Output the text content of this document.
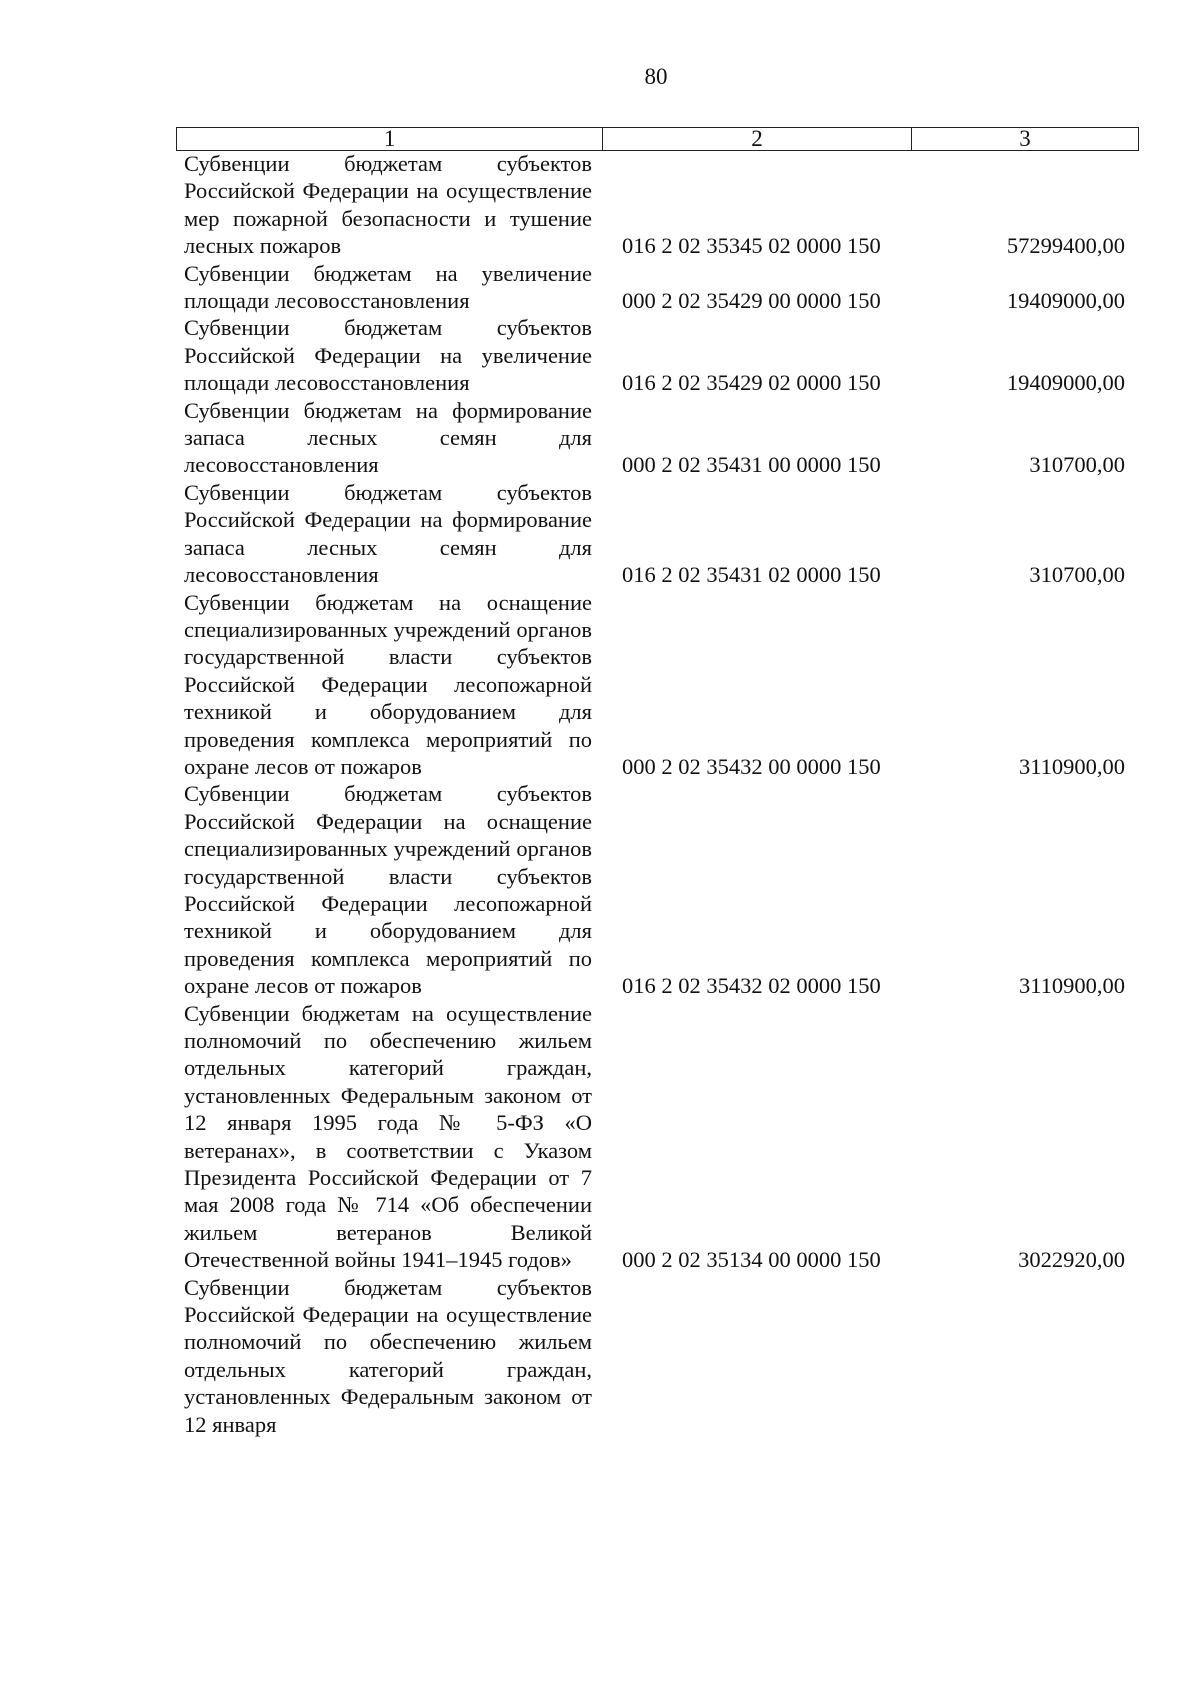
80
1	2	3
Субвенции бюджетам субъектов Российской Федерации на осуществление мер пожарной безопасности и тушение лесных пожаров	016 2 02 35345 02 0000 150	57299400,00
Субвенции бюджетам на увеличение площади лесовосстановления	000 2 02 35429 00 0000 150	19409000,00
Субвенции бюджетам субъектов Российской Федерации на увеличение площади лесовосстановления	016 2 02 35429 02 0000 150	19409000,00
Субвенции бюджетам на формирование запаса лесных семян для лесовосстановления	000 2 02 35431 00 0000 150	310700,00
Субвенции бюджетам субъектов Российской Федерации на формирование запаса лесных семян для лесовосстановления	016 2 02 35431 02 0000 150	310700,00
Субвенции бюджетам на оснащение специализированных учреждений органов государственной власти субъектов Российской Федерации лесопожарной техникой и оборудованием для проведения комплекса мероприятий по охране лесов от пожаров	000 2 02 35432 00 0000 150	3110900,00
Субвенции бюджетам субъектов Российской Федерации на оснащение специализированных учреждений органов государственной власти субъектов Российской Федерации лесопожарной техникой и оборудованием для проведения комплекса мероприятий по охране лесов от пожаров	016 2 02 35432 02 0000 150	3110900,00
Субвенции бюджетам на осуществление полномочий по обеспечению жильем отдельных категорий граждан, установленных Федеральным законом от 12 января 1995 года № 5-ФЗ «О ветеранах», в соответствии с Указом Президента Российской Федерации от 7 мая 2008 года № 714 «Об обеспечении жильем ветеранов Великой Отечественной войны 1941–1945 годов»	000 2 02 35134 00 0000 150	3022920,00
Субвенции бюджетам субъектов Российской Федерации на осуществление полномочий по обеспечению жильем отдельных категорий граждан, установленных Федеральным законом от 12 января
